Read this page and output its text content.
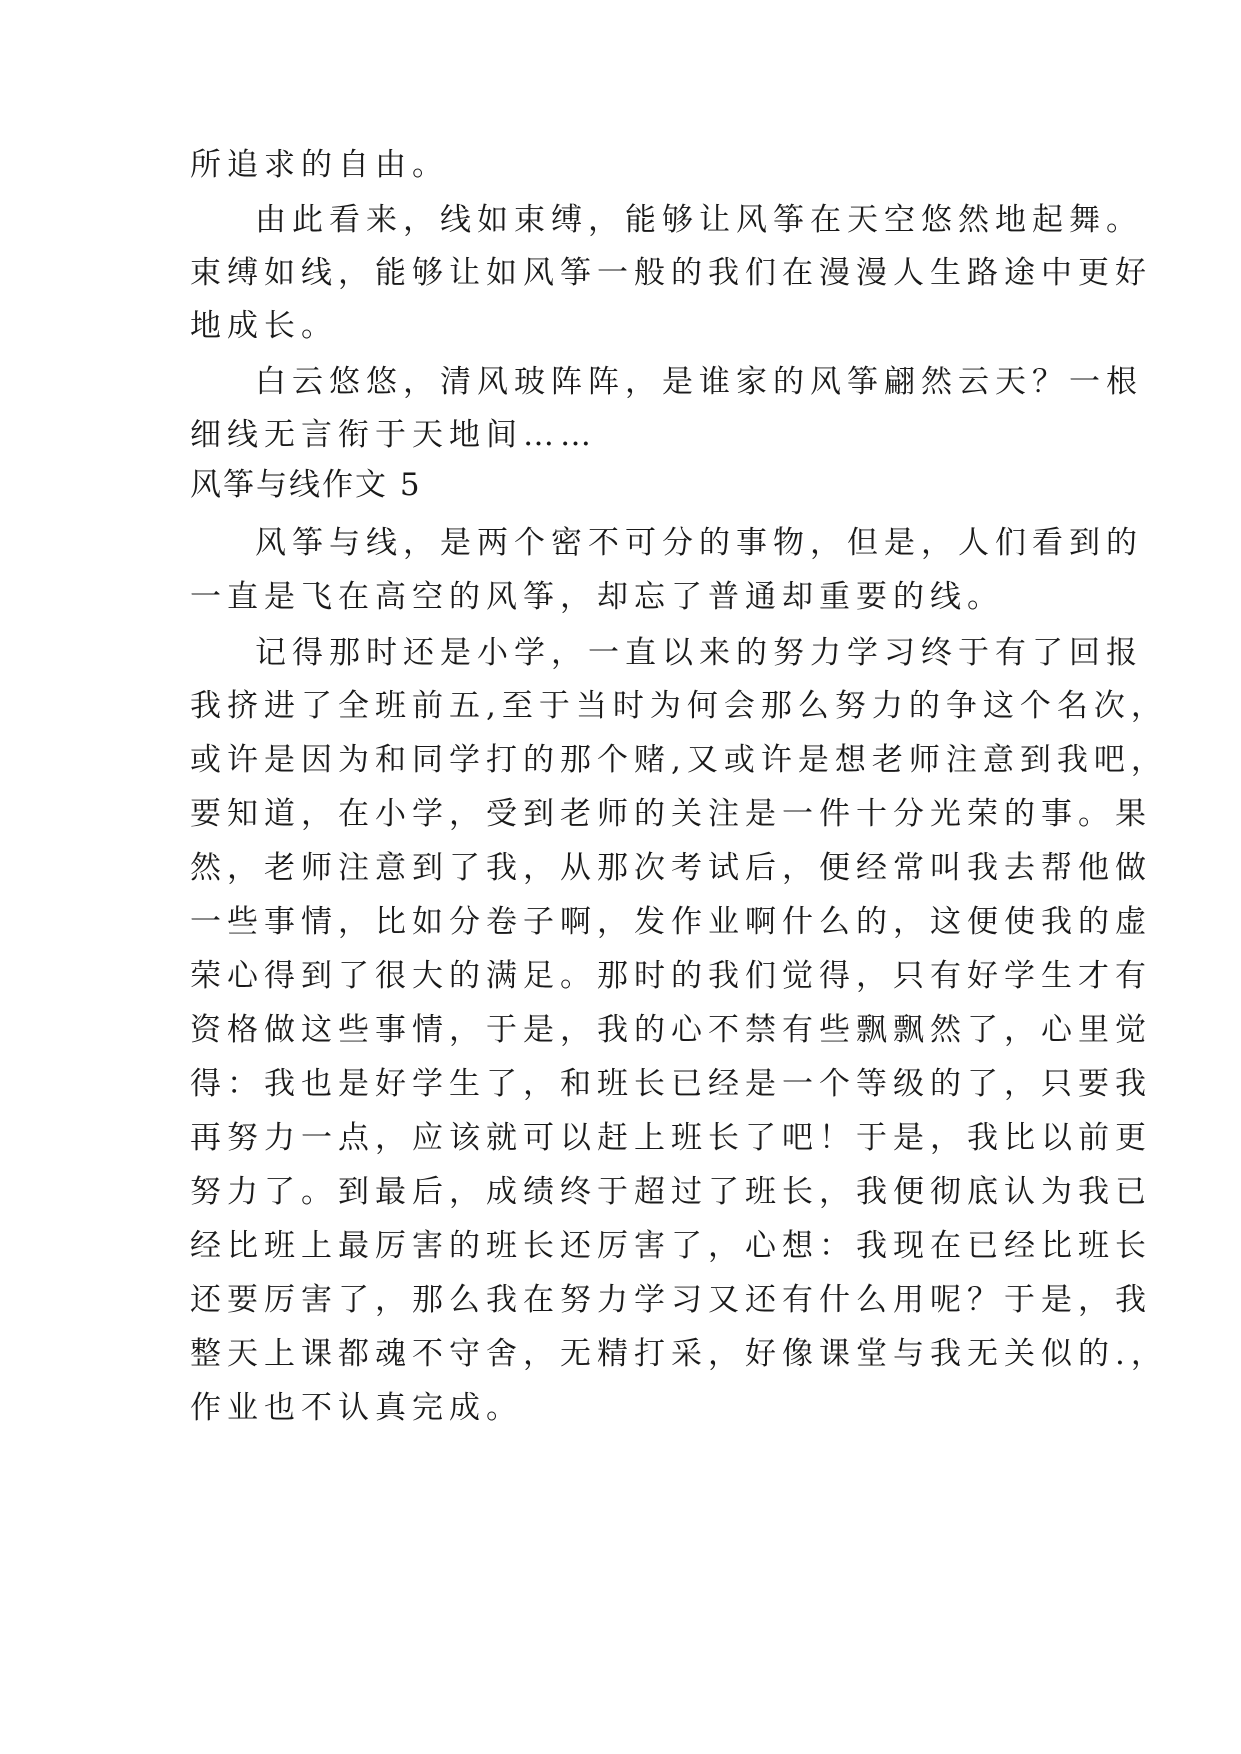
所追求的自由。
由此看来，线如束缚，能够让风筝在天空悠然地起舞。
束缚如线，能够让如风筝一般的我们在漫漫人生路途中更好
地成长。
白云悠悠，清风玻阵阵，是谁家的风筝翩然云天？一根
细线无言衔于天地间……
风筝与线作文 5
风筝与线，是两个密不可分的事物，但是，人们看到的
一直是飞在高空的风筝，却忘了普通却重要的线。
记得那时还是小学，一直以来的努力学习终于有了回报
我挤进了全班前五,至于当时为何会那么努力的争这个名次，
或许是因为和同学打的那个赌,又或许是想老师注意到我吧，
要知道，在小学，受到老师的关注是一件十分光荣的事。果
然，老师注意到了我，从那次考试后，便经常叫我去帮他做
一些事情，比如分卷子啊，发作业啊什么的，这便使我的虚
荣心得到了很大的满足。那时的我们觉得，只有好学生才有
资格做这些事情，于是，我的心不禁有些飘飘然了，心里觉
得：我也是好学生了，和班长已经是一个等级的了，只要我
再努力一点，应该就可以赶上班长了吧！于是，我比以前更
努力了。到最后，成绩终于超过了班长，我便彻底认为我已
经比班上最厉害的班长还厉害了，心想：我现在已经比班长
还要厉害了，那么我在努力学习又还有什么用呢？于是，我
整天上课都魂不守舍，无精打采，好像课堂与我无关似的.，
作业也不认真完成。
